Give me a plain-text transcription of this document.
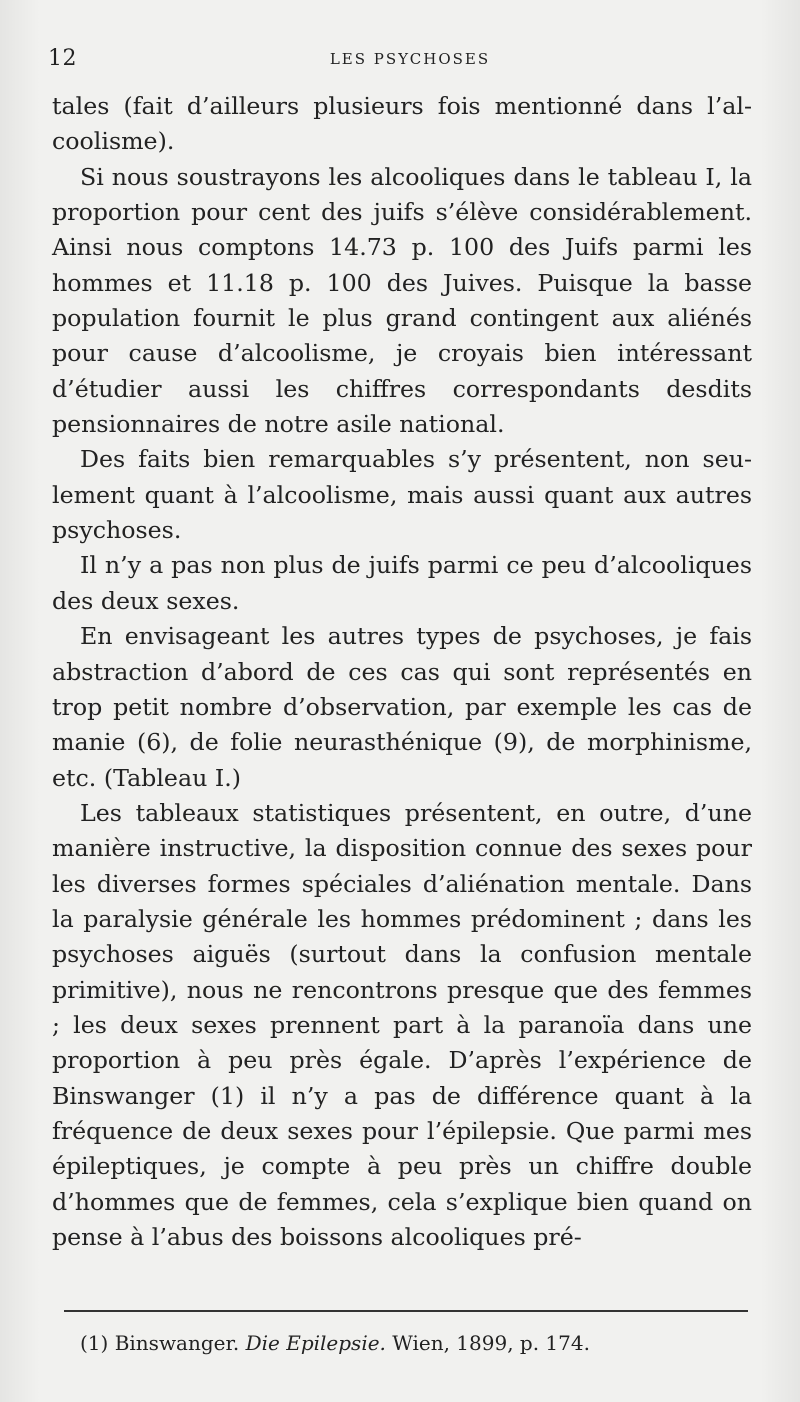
12	LES PSYCHOSES

tales (fait d’ailleurs plusieurs fois mentionné dans l’alcoolisme).

Si nous soustrayons les alcooliques dans le tableau I, la proportion pour cent des juifs s’élève considérablement. Ainsi nous comptons 14.73 p. 100 des Juifs parmi les hommes et 11.18 p. 100 des Juives. Puisque la basse population fournit le plus grand contingent aux aliénés pour cause d’alcoolisme, je croyais bien intéressant d’étudier aussi les chiffres correspondants desdits pensionnaires de notre asile national.

Des faits bien remarquables s’y présentent, non seulement quant à l’alcoolisme, mais aussi quant aux autres psychoses.

Il n’y a pas non plus de juifs parmi ce peu d’alcooliques des deux sexes.

En envisageant les autres types de psychoses, je fais abstraction d’abord de ces cas qui sont représentés en trop petit nombre d’observation, par exemple les cas de manie (6), de folie neurasthénique (9), de morphinisme, etc. (Tableau I.)

Les tableaux statistiques présentent, en outre, d’une manière instructive, la disposition connue des sexes pour les diverses formes spéciales d’aliénation mentale. Dans la paralysie générale les hommes prédominent ; dans les psychoses aiguës (surtout dans la confusion mentale primitive), nous ne rencontrons presque que des femmes ; les deux sexes prennent part à la paranoïa dans une proportion à peu près égale. D’après l’expérience de Binswanger (1) il n’y a pas de différence quant à la fréquence de deux sexes pour l’épilepsie. Que parmi mes épileptiques, je compte à peu près un chiffre double d’hommes que de femmes, cela s’explique bien quand on pense à l’abus des boissons alcooliques pré-

(1) Binswanger. Die Epilepsie. Wien, 1899, p. 174.
